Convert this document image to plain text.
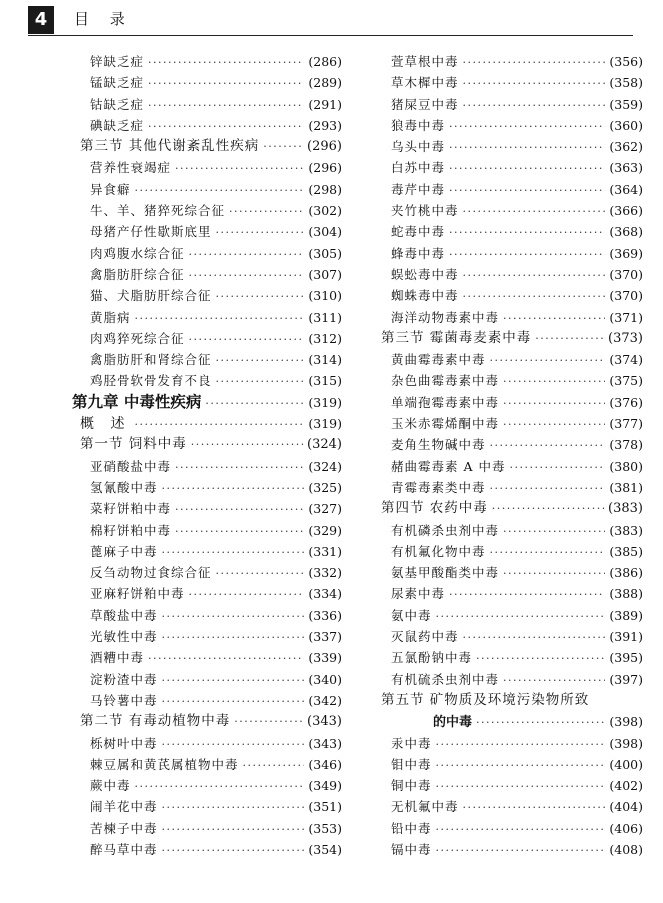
4	目 录
锌缺乏症 ·····	(286)
锰缺乏症 ·····	(289)
钴缺乏症 ·····	(291)
碘缺乏症 ·····	(293)
第三节 其他代谢紊乱性疾病 ·····	(296)
营养性衰竭症 ·····	(296)
异食癖 ·····	(298)
牛、羊、猪猝死综合征 ·····	(302)
母猪产仔性歇斯底里 ·····	(304)
肉鸡腹水综合征 ·····	(305)
禽脂肪肝综合征 ·····	(307)
猫、犬脂肪肝综合征 ·····	(310)
黄脂病 ·····	(311)
肉鸡猝死综合征 ·····	(312)
禽脂肪肝和肾综合征 ·····	(314)
鸡胫骨软骨发育不良 ·····	(315)
第九章 中毒性疾病 ·····	(319)
概 述 ·····	(319)
第一节 饲料中毒 ·····	(324)
亚硝酸盐中毒 ·····	(324)
氢氰酸中毒 ·····	(325)
菜籽饼粕中毒 ·····	(327)
棉籽饼粕中毒 ·····	(329)
蓖麻子中毒 ·····	(331)
反刍动物过食综合征 ·····	(332)
亚麻籽饼粕中毒 ·····	(334)
草酸盐中毒 ·····	(336)
光敏性中毒 ·····	(337)
酒糟中毒 ·····	(339)
淀粉渣中毒 ·····	(340)
马铃薯中毒 ·····	(342)
第二节 有毒动植物中毒 ·····	(343)
栎树叶中毒 ·····	(343)
棘豆属和黄芪属植物中毒 ·····	(346)
蕨中毒 ·····	(349)
闹羊花中毒 ·····	(351)
苦楝子中毒 ·····	(353)
醉马草中毒 ·····	(354)
萱草根中毒 ·····	(356)
草木樨中毒 ·····	(358)
猪屎豆中毒 ·····	(359)
狼毒中毒 ·····	(360)
乌头中毒 ·····	(362)
白苏中毒 ·····	(363)
毒芹中毒 ·····	(364)
夹竹桃中毒 ·····	(366)
蛇毒中毒 ·····	(368)
蜂毒中毒 ·····	(369)
蜈蚣毒中毒 ·····	(370)
蜘蛛毒中毒 ·····	(370)
海洋动物毒素中毒 ·····	(371)
第三节 霉菌毒麦素中毒 ·····	(373)
黄曲霉毒素中毒 ·····	(374)
杂色曲霉毒素中毒 ·····	(375)
单端孢霉毒素中毒 ·····	(376)
玉米赤霉烯酮中毒 ·····	(377)
麦角生物碱中毒 ·····	(378)
赭曲霉毒素 A 中毒 ·····	(380)
青霉毒素类中毒 ·····	(381)
第四节 农药中毒 ·····	(383)
有机磷杀虫剂中毒 ·····	(383)
有机氟化物中毒 ·····	(385)
氨基甲酸酯类中毒 ·····	(386)
尿素中毒 ·····	(388)
氨中毒 ·····	(389)
灭鼠药中毒 ·····	(391)
五氯酚钠中毒 ·····	(395)
有机硫杀虫剂中毒 ·····	(397)
第五节 矿物质及环境污染物所致
的中毒 ·····	(398)
汞中毒 ·····	(398)
钼中毒 ·····	(400)
铜中毒 ·····	(402)
无机氟中毒 ·····	(404)
铅中毒 ·····	(406)
镉中毒 ·····	(408)
